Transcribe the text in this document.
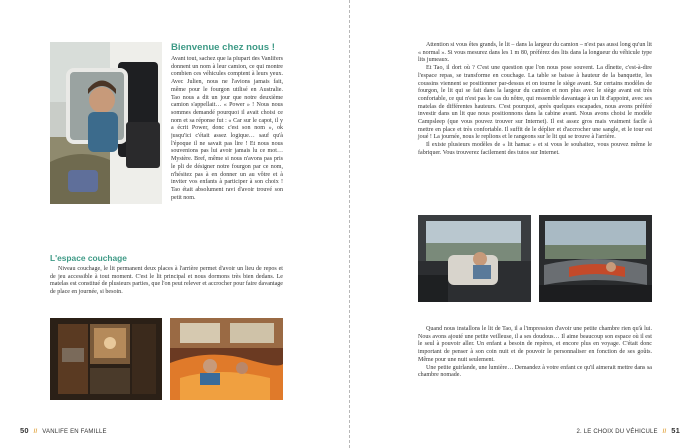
Bienvenue chez nous !

Avant tout, sachez que la plupart des Vanlifers donnent un nom à leur camion, ce qui montre combien ces véhicules comptent à leurs yeux. Avec Julien, nous ne l'avions jamais fait, même pour le fourgon utilisé en Australie. Tao nous a dit un jour que notre deuxième camion s'appellait… « Power » ! Nous nous sommes demandé pourquoi il avait choisi ce nom et sa réponse fut : « Car sur le capot, il y a écrit Power, donc c'est son nom », ok jusqu'ici c'était assez logique… sauf qu'à l'époque il ne savait pas lire ! Et nous nous souvenions pas lui avoir jamais lu ce mot… Mystère. Bref, même si nous n'avons pas pris le pli de désigner notre fourgon par ce nom, n'hésitez pas à en donner un au vôtre et à inviter vos enfants à participer à son choix ! Tao était absolument ravi d'avoir trouvé son petit nom.

L'espace couchage

Niveau couchage, le lit permanent deux places à l'arrière permet d'avoir un lieu de repos et de jeu accessible à tout moment. C'est le lit principal et nous dormons très bien dedans. Le matelas est constitué de plusieurs parties, que l'on peut relever et accrocher pour faire davantage de place en journée, si besoin.

50 // VANLIFE EN FAMILLE

Attention si vous êtes grands, le lit – dans la largeur du camion – n'est pas aussi long qu'un lit « normal ». Si vous mesurez dans les 1 m 80, préférez des lits dans la longueur du véhicule type lits jumeaux.

Et Tao, il dort où ? C'est une question que l'on nous pose souvent. La dînette, c'est-à-dire l'espace repas, se transforme en couchage. La table se baisse à hauteur de la banquette, les coussins viennent se positionner par-dessus et on tourne le siège avant. Sur certains modèles de fourgon, le lit qui se fait dans la largeur du camion et non plus avec le siège avant est très confortable, ce qui n'est pas le cas du nôtre, qui ressemble davantage à un lit d'appoint, avec ses matelas de différentes hauteurs. C'est pourquoi, après quelques escapades, nous avons préféré investir dans un lit que nous positionnons dans la cabine avant. Nous avons choisi le modèle Campsleep (que vous pouvez trouver sur Internet). Il est assez gros mais vraiment facile à mettre en place et très confortable. Il suffit de le déplier et d'accrocher une sangle, et le tour est joué ! La journée, nous le replions et le rangeons sur le lit qui se trouve à l'arrière.

Il existe plusieurs modèles de « lit hamac » et si vous le souhaitez, vous pouvez même le fabriquer. Vous trouverez facilement des tutos sur Internet.

Quand nous installons le lit de Tao, il a l'impression d'avoir une petite chambre rien qu'à lui. Nous avons ajouté une petite veilleuse, il a ses doudous… Il aime beaucoup son espace où il est le seul à pouvoir aller. Un enfant a besoin de repères, et encore plus en voyage. C'était donc important de penser à son coin nuit et de pouvoir le personnaliser en fonction de ses goûts. Même pour une nuit seulement.

Une petite guirlande, une lumière… Demandez à votre enfant ce qu'il aimerait mettre dans sa chambre nomade.

2. LE CHOIX DU VÉHICULE // 51
